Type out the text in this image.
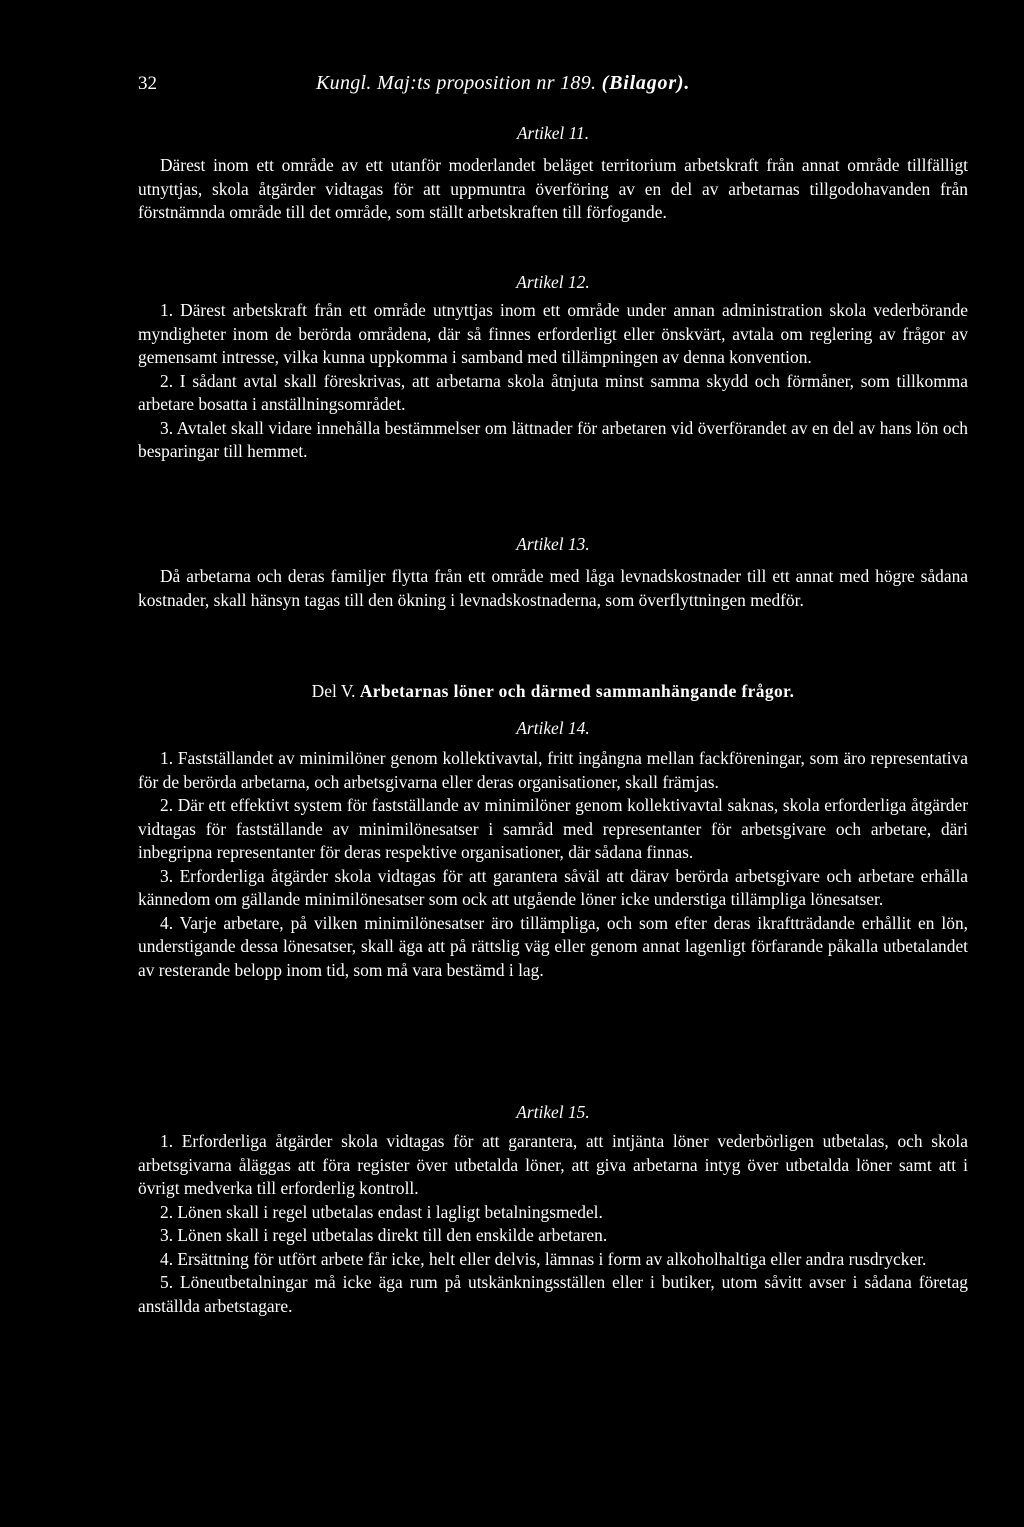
32	Kungl. Maj:ts proposition nr 189. (Bilagor).
Artikel 11.

Därest inom ett område av ett utanför moderlandet beläget territorium arbetskraft från annat område tillfälligt utnyttjas, skola åtgärder vidtagas för att uppmuntra överföring av en del av arbetarnas tillgodohavanden från förstnämnda område till det område, som ställt arbetskraften till förfogande.

Artikel 12.

1. Därest arbetskraft från ett område utnyttjas inom ett område under annan administration skola vederbörande myndigheter inom de berörda områdena, där så finnes erforderligt eller önskvärt, avtala om reglering av frågor av gemensamt intresse, vilka kunna uppkomma i samband med tillämpningen av denna konvention.

2. I sådant avtal skall föreskrivas, att arbetarna skola åtnjuta minst samma skydd och förmåner, som tillkomma arbetare bosatta i anställningsområdet.

3. Avtalet skall vidare innehålla bestämmelser om lättnader för arbetaren vid överförandet av en del av hans lön och besparingar till hemmet.

Artikel 13.

Då arbetarna och deras familjer flytta från ett område med låga levnadskostnader till ett annat med högre sådana kostnader, skall hänsyn tagas till den ökning i levnadskostnaderna, som överflyttningen medför.

Del V. Arbetarnas löner och därmed sammanhängande frågor.
Artikel 14.

1. Fastställandet av minimilöner genom kollektivavtal, fritt ingångna mellan fackföreningar, som äro representativa för de berörda arbetarna, och arbetsgivarna eller deras organisationer, skall främjas.

2. Där ett effektivt system för fastställande av minimilöner genom kollektivavtal saknas, skola erforderliga åtgärder vidtagas för fastställande av minimilönesatser i samråd med representanter för arbetsgivare och arbetare, däri inbegripna representanter för deras respektive organisationer, där sådana finnas.

3. Erforderliga åtgärder skola vidtagas för att garantera såväl att därav berörda arbetsgivare och arbetare erhålla kännedom om gällande minimilönesatser som ock att utgående löner icke understiga tillämpliga lönesatser.

4. Varje arbetare, på vilken minimilönesatser äro tillämpliga, och som efter deras ikraftträdande erhållit en lön, understigande dessa lönesatser, skall äga att på rättslig väg eller genom annat lagenligt förfarande påkalla utbetalandet av resterande belopp inom tid, som må vara bestämd i lag.

Artikel 15.

1. Erforderliga åtgärder skola vidtagas för att garantera, att intjänta löner vederbörligen utbetalas, och skola arbetsgivarna åläggas att föra register över utbetalda löner, att giva arbetarna intyg över utbetalda löner samt att i övrigt medverka till erforderlig kontroll.

2. Lönen skall i regel utbetalas endast i lagligt betalningsmedel.

3. Lönen skall i regel utbetalas direkt till den enskilde arbetaren.

4. Ersättning för utfört arbete får icke, helt eller delvis, lämnas i form av alkoholhaltiga eller andra rusdrycker.

5. Löneutbetalningar må icke äga rum på utskänkningsställen eller i butiker, utom såvitt avser i sådana företag anställda arbetstagare.
